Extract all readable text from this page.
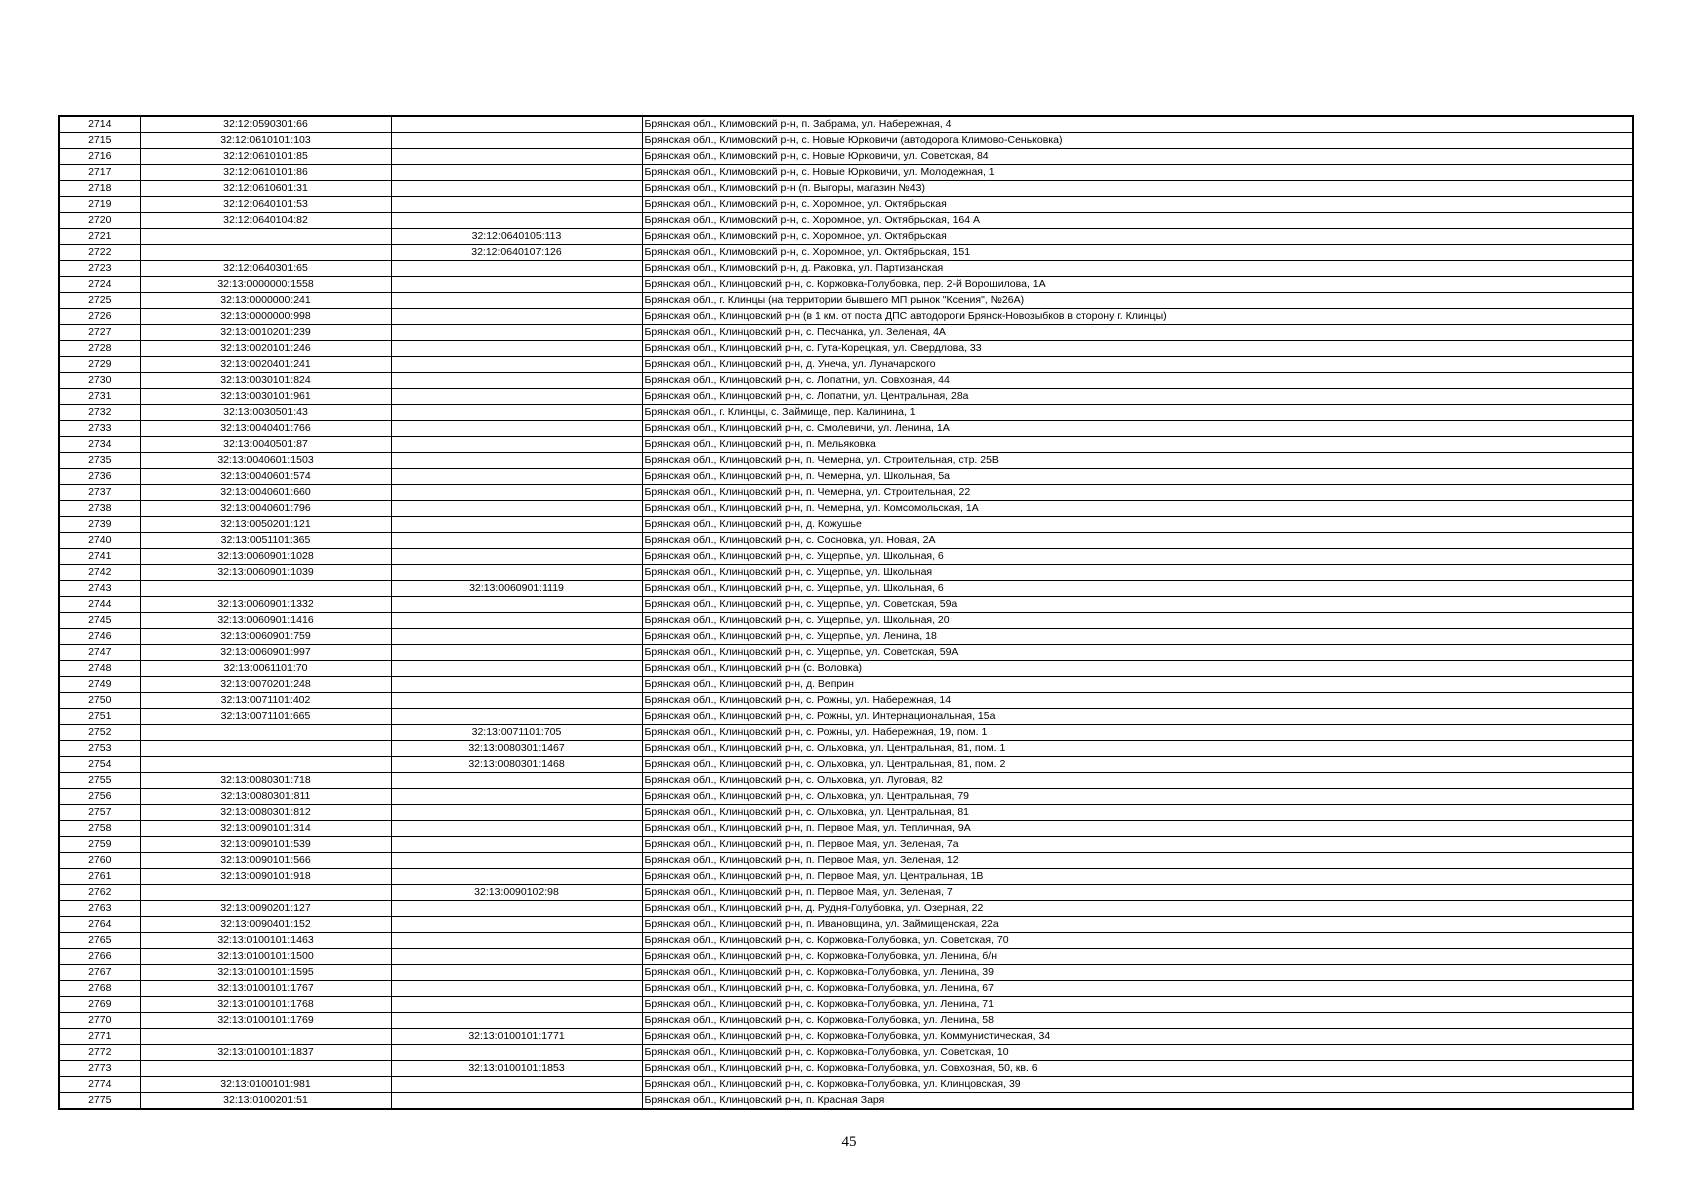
2714	32:12:0590301:66		Брянская обл., Климовский р-н, п. Забрама, ул. Набережная, 4
2715	32:12:0610101:103		Брянская обл., Климовский р-н, с. Новые Юрковичи (автодорога Климово-Сеньковка)
2716	32:12:0610101:85		Брянская обл., Климовский р-н, с. Новые Юрковичи, ул. Советская, 84
2717	32:12:0610101:86		Брянская обл., Климовский р-н, с. Новые Юрковичи, ул. Молодежная, 1
2718	32:12:0610601:31		Брянская обл., Климовский р-н (п. Выгоры, магазин №43)
2719	32:12:0640101:53		Брянская обл., Климовский р-н, с. Хоромное, ул. Октябрьская
2720	32:12:0640104:82		Брянская обл., Климовский р-н, с. Хоромное, ул. Октябрьская, 164 А
2721		32:12:0640105:113	Брянская обл., Климовский р-н, с. Хоромное, ул. Октябрьская
2722		32:12:0640107:126	Брянская обл., Климовский р-н, с. Хоромное, ул. Октябрьская, 151
2723	32:12:0640301:65		Брянская обл., Климовский р-н, д. Раковка, ул. Партизанская
2724	32:13:0000000:1558		Брянская обл., Клинцовский р-н, с. Коржовка-Голубовка, пер. 2-й Ворошилова, 1А
2725	32:13:0000000:241		Брянская обл., г. Клинцы (на территории бывшего МП рынок "Ксения", №26А)
2726	32:13:0000000:998		Брянская обл., Клинцовский р-н (в 1 км. от поста ДПС автодороги Брянск-Новозыбков в сторону г. Клинцы)
2727	32:13:0010201:239		Брянская обл., Клинцовский р-н, с. Песчанка, ул. Зеленая, 4А
2728	32:13:0020101:246		Брянская обл., Клинцовский р-н, с. Гута-Корецкая, ул. Свердлова, 33
2729	32:13:0020401:241		Брянская обл., Клинцовский р-н, д. Унеча, ул. Луначарского
2730	32:13:0030101:824		Брянская обл., Клинцовский р-н, с. Лопатни, ул. Совхозная, 44
2731	32:13:0030101:961		Брянская обл., Клинцовский р-н, с. Лопатни, ул. Центральная, 28а
2732	32:13:0030501:43		Брянская обл., г. Клинцы, с. Займище, пер. Калинина, 1
2733	32:13:0040401:766		Брянская обл., Клинцовский р-н, с. Смолевичи, ул. Ленина, 1А
2734	32:13:0040501:87		Брянская обл., Клинцовский р-н, п. Мельяковка
2735	32:13:0040601:1503		Брянская обл., Клинцовский р-н, п. Чемерна, ул. Строительная, стр. 25В
2736	32:13:0040601:574		Брянская обл., Клинцовский р-н, п. Чемерна, ул. Школьная, 5а
2737	32:13:0040601:660		Брянская обл., Клинцовский р-н, п. Чемерна, ул. Строительная, 22
2738	32:13:0040601:796		Брянская обл., Клинцовский р-н, п. Чемерна, ул. Комсомольская, 1А
2739	32:13:0050201:121		Брянская обл., Клинцовский р-н, д. Кожушье
2740	32:13:0051101:365		Брянская обл., Клинцовский р-н, с. Сосновка, ул. Новая, 2А
2741	32:13:0060901:1028		Брянская обл., Клинцовский р-н, с. Ущерпье, ул. Школьная, 6
2742	32:13:0060901:1039		Брянская обл., Клинцовский р-н, с. Ущерпье, ул. Школьная
2743		32:13:0060901:1119	Брянская обл., Клинцовский р-н, с. Ущерпье, ул. Школьная, 6
2744	32:13:0060901:1332		Брянская обл., Клинцовский р-н, с. Ущерпье, ул. Советская, 59а
2745	32:13:0060901:1416		Брянская обл., Клинцовский р-н, с. Ущерпье, ул. Школьная, 20
2746	32:13:0060901:759		Брянская обл., Клинцовский р-н, с. Ущерпье, ул. Ленина, 18
2747	32:13:0060901:997		Брянская обл., Клинцовский р-н, с. Ущерпье, ул. Советская, 59А
2748	32:13:0061101:70		Брянская обл., Клинцовский р-н (с. Воловка)
2749	32:13:0070201:248		Брянская обл., Клинцовский р-н, д. Веприн
2750	32:13:0071101:402		Брянская обл., Клинцовский р-н, с. Рожны, ул. Набережная, 14
2751	32:13:0071101:665		Брянская обл., Клинцовский р-н, с. Рожны, ул. Интернациональная, 15а
2752		32:13:0071101:705	Брянская обл., Клинцовский р-н, с. Рожны, ул. Набережная, 19, пом. 1
2753		32:13:0080301:1467	Брянская обл., Клинцовский р-н, с. Ольховка, ул. Центральная, 81, пом. 1
2754		32:13:0080301:1468	Брянская обл., Клинцовский р-н, с. Ольховка, ул. Центральная, 81, пом. 2
2755	32:13:0080301:718		Брянская обл., Клинцовский р-н, с. Ольховка, ул. Луговая, 82
2756	32:13:0080301:811		Брянская обл., Клинцовский р-н, с. Ольховка, ул. Центральная, 79
2757	32:13:0080301:812		Брянская обл., Клинцовский р-н, с. Ольховка, ул. Центральная, 81
2758	32:13:0090101:314		Брянская обл., Клинцовский р-н, п. Первое Мая, ул. Тепличная, 9А
2759	32:13:0090101:539		Брянская обл., Клинцовский р-н, п. Первое Мая, ул. Зеленая, 7а
2760	32:13:0090101:566		Брянская обл., Клинцовский р-н, п. Первое Мая, ул. Зеленая, 12
2761	32:13:0090101:918		Брянская обл., Клинцовский р-н, п. Первое Мая, ул. Центральная, 1В
2762		32:13:0090102:98	Брянская обл., Клинцовский р-н, п. Первое Мая, ул. Зеленая, 7
2763	32:13:0090201:127		Брянская обл., Клинцовский р-н, д. Рудня-Голубовка, ул. Озерная, 22
2764	32:13:0090401:152		Брянская обл., Клинцовский р-н, п. Ивановщина, ул. Займищенская, 22а
2765	32:13:0100101:1463		Брянская обл., Клинцовский р-н, с. Коржовка-Голубовка, ул. Советская, 70
2766	32:13:0100101:1500		Брянская обл., Клинцовский р-н, с. Коржовка-Голубовка, ул. Ленина, б/н
2767	32:13:0100101:1595		Брянская обл., Клинцовский р-н, с. Коржовка-Голубовка, ул. Ленина, 39
2768	32:13:0100101:1767		Брянская обл., Клинцовский р-н, с. Коржовка-Голубовка, ул. Ленина, 67
2769	32:13:0100101:1768		Брянская обл., Клинцовский р-н, с. Коржовка-Голубовка, ул. Ленина, 71
2770	32:13:0100101:1769		Брянская обл., Клинцовский р-н, с. Коржовка-Голубовка, ул. Ленина, 58
2771		32:13:0100101:1771	Брянская обл., Клинцовский р-н, с. Коржовка-Голубовка, ул. Коммунистическая, 34
2772	32:13:0100101:1837		Брянская обл., Клинцовский р-н, с. Коржовка-Голубовка, ул. Советская, 10
2773		32:13:0100101:1853	Брянская обл., Клинцовский р-н, с. Коржовка-Голубовка, ул. Совхозная, 50, кв. 6
2774	32:13:0100101:981		Брянская обл., Клинцовский р-н, с. Коржовка-Голубовка, ул. Клинцовская, 39
2775	32:13:0100201:51		Брянская обл., Клинцовский р-н, п. Красная Заря
45
